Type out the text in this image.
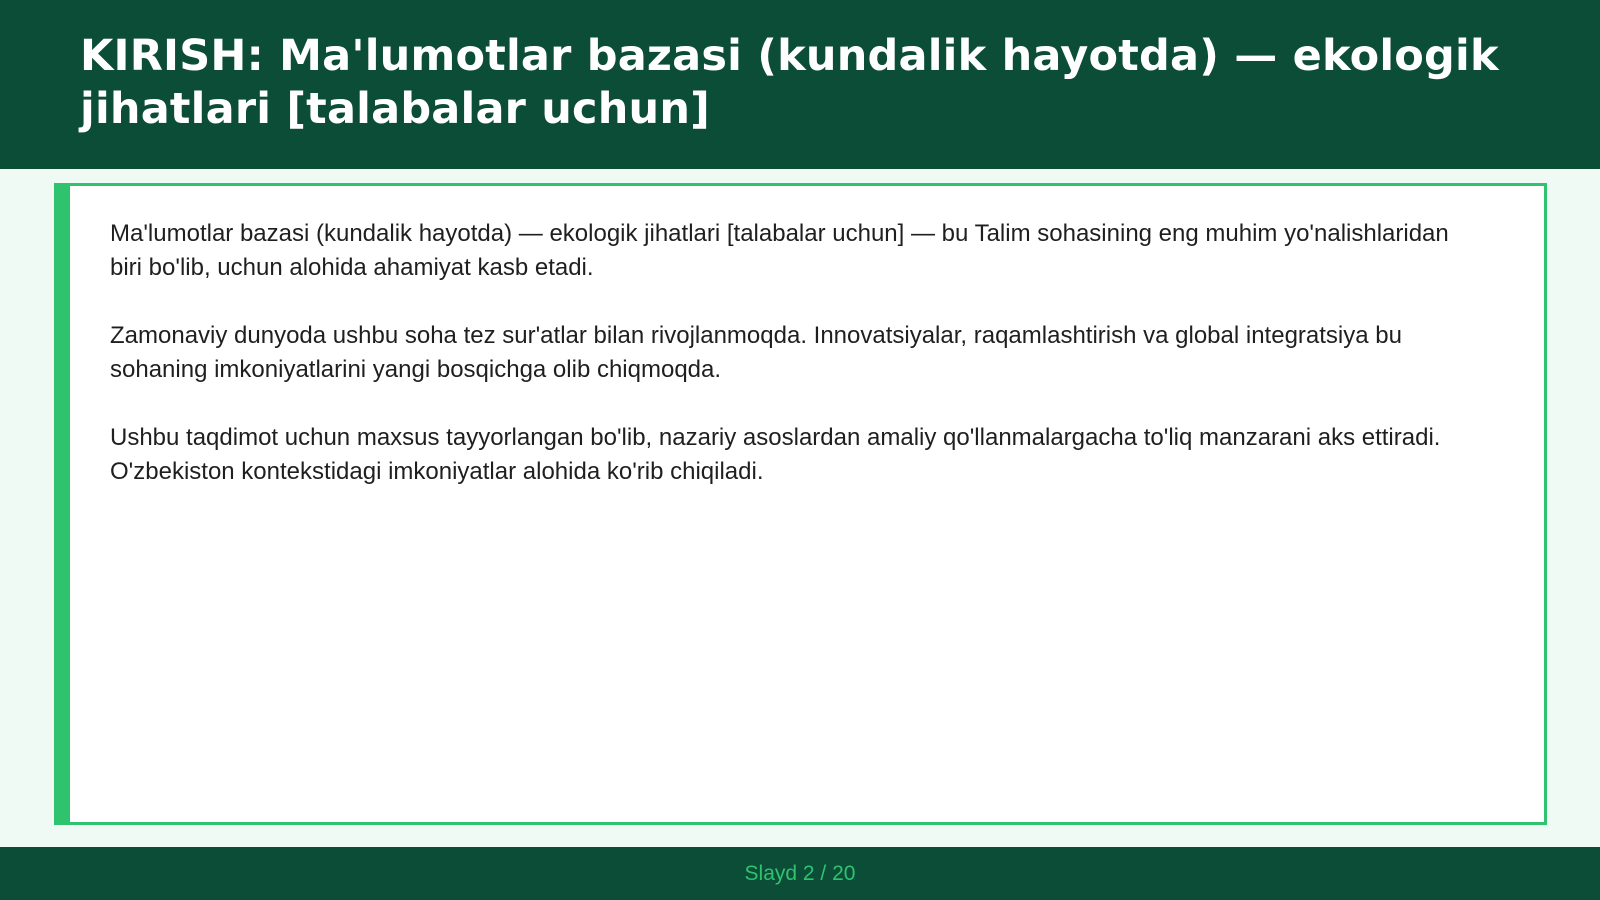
KIRISH: Ma'lumotlar bazasi (kundalik hayotda) — ekologik jihatlari [talabalar uchun]

Ma'lumotlar bazasi (kundalik hayotda) — ekologik jihatlari [talabalar uchun] — bu Talim sohasining eng muhim yo'nalishlaridan biri bo'lib, uchun alohida ahamiyat kasb etadi.

Zamonaviy dunyoda ushbu soha tez sur'atlar bilan rivojlanmoqda. Innovatsiyalar, raqamlashtirish va global integratsiya bu sohaning imkoniyatlarini yangi bosqichga olib chiqmoqda.

Ushbu taqdimot uchun maxsus tayyorlangan bo'lib, nazariy asoslardan amaliy qo'llanmalargacha to'liq manzarani aks ettiradi. O'zbekiston kontekstidagi imkoniyatlar alohida ko'rib chiqiladi.

Slayd 2 / 20
